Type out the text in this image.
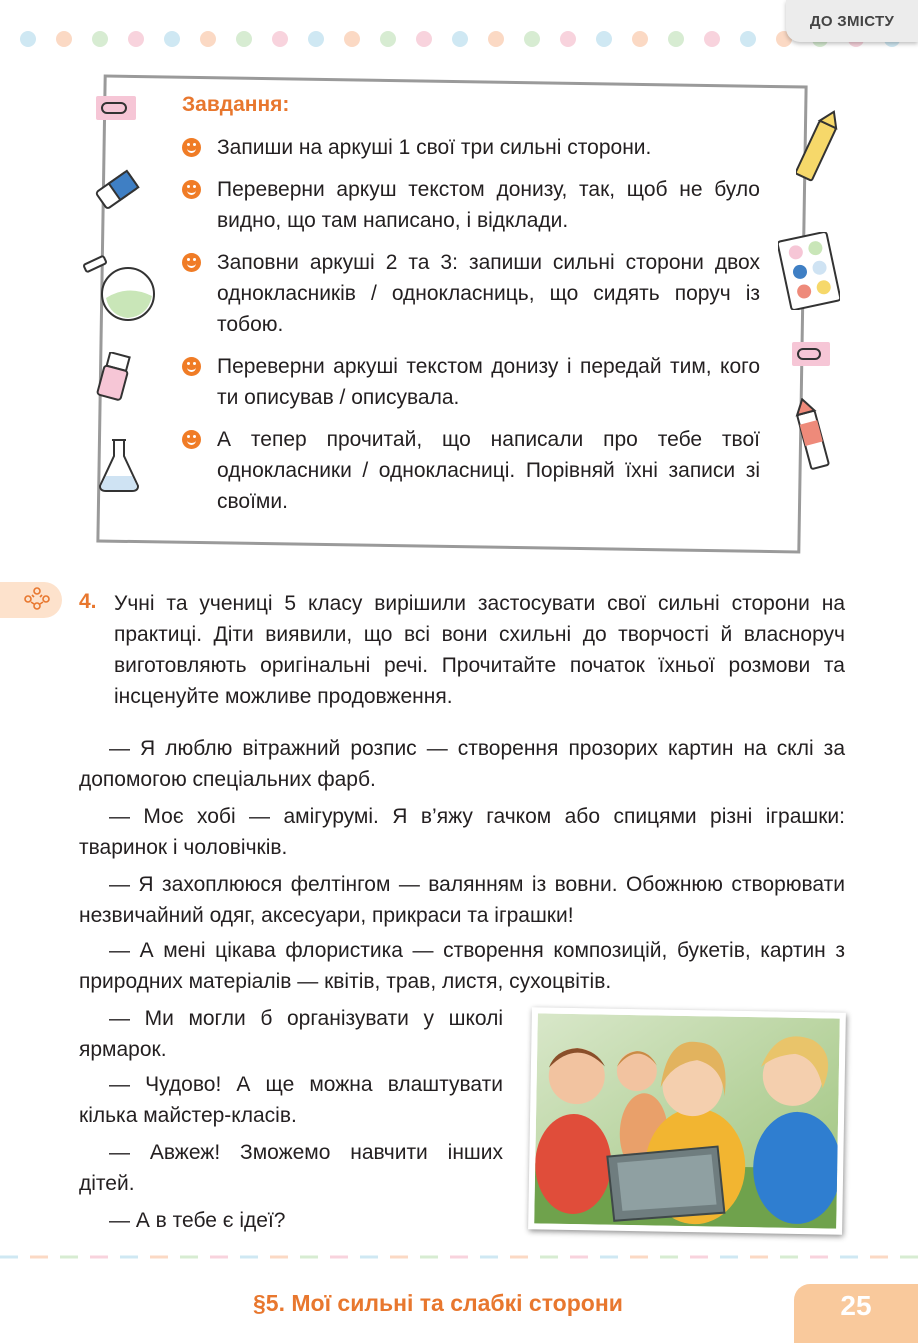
ДО ЗМІСТУ
Завдання:
Запиши на аркуші 1 свої три сильні сторони.
Переверни аркуш текстом донизу, так, щоб не було видно, що там написано, і відклади.
Заповни аркуші 2 та 3: запиши сильні сторони двох однокласників / однокласниць, що сидять поруч із тобою.
Переверни аркуші текстом донизу і передай тим, кого ти описував / описувала.
А тепер прочитай, що написали про тебе твої однокласники / однокласниці. Порівняй їхні записи зі своїми.
4. Учні та учениці 5 класу вирішили застосувати свої сильні сторони на практиці. Діти виявили, що всі вони схильні до творчості й власноруч виготовляють оригінальні речі. Прочитайте початок їхньої розмови та інсценуйте можливе продовження.

— Я люблю вітражний розпис — створення прозорих картин на склі за допомогою спеціальних фарб.

— Моє хобі — амігурумі. Я в’яжу гачком або спицями різні іграшки: тваринок і чоловічків.

— Я захоплююся фелтінгом — валянням із вовни. Обожнюю створювати незвичайний одяг, аксесуари, прикраси та іграшки!

— А мені цікава флористика — створення композицій, букетів, картин з природних матеріалів — квітів, трав, листя, сухоцвітів.

— Ми могли б організувати у школі ярмарок.

— Чудово! А ще можна влаштувати кілька майстер-класів.

— Авжеж! Зможемо навчити інших дітей.

— А в тебе є ідеї?

§5. Мої сильні та слабкі сторони	25
